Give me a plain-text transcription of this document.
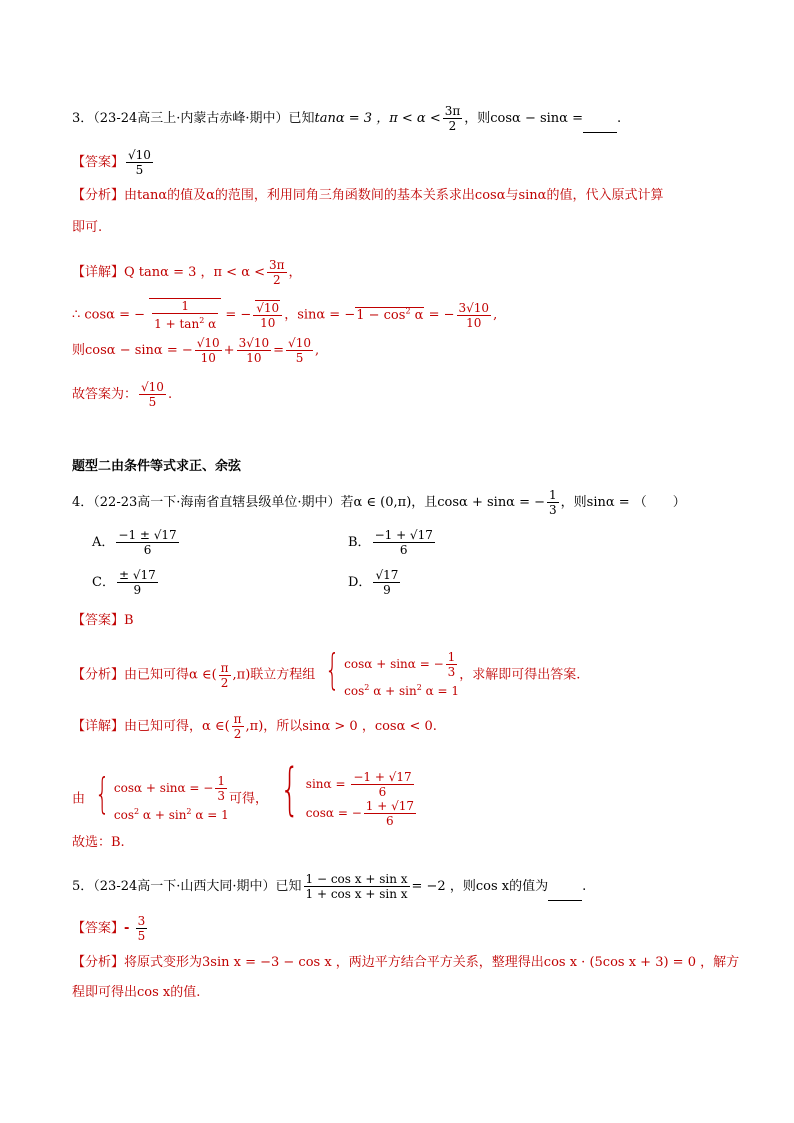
3．（23-24高三上·内蒙古赤峰·期中）已知tanα = 3 ，$\pi < \alpha < \frac{3\pi}{2}$ ，则cosα − sinα =	.
【答案】 $\frac{√10}{5}$
【分析】由tanα的值及α的范围，利用同角三角函数间的基本关系求出cosα与sinα的值，代入原式计算
即可.
【详解】Q tanα = 3 ，$\pi < \alpha < \frac{3\pi}{2}$ ，
∴ cosα = − $\frac{1}{1 + \tan^2 \alpha}$ = − $\frac{√10}{10}$ ，$\sin\alpha = -1 - \cos^2 \alpha$ = − $\frac{3√10}{10}$ ,
则cosα − sinα = − $\frac{√10}{10} + \frac{3√10}{10} = \frac{√10}{5}$ ,
故答案为： $\frac{√10}{5}$ .
题型二由条件等式求正、余弦
4．（22-23高一下·海南省直辖县级单位·期中）若α ∈ (0,π)，且cosα + sinα = − $\frac{1}{3}$ ，则sinα = （　　）
A． $\frac{-1 \pm √17}{6}$	B． $\frac{-1 + √17}{6}$
C． $\frac{\pm √17}{9}$	D． $\frac{√17}{9}$
【答案】B
【分析】由已知可得α ∈( $\frac{\pi}{2} ,\pi$)联立方程组 { cosα + sinα = − $\frac{1}{3}$
$\cos^2 \alpha + \sin^2 \alpha = 1$
，求解即可得出答案.
【详解】由已知可得，α ∈( $\frac{\pi}{2} ,\pi$)，所以sinα > 0 ，cosα < 0.
由 { cosα + sinα = − $\frac{1}{3}$
$\cos^2 \alpha + \sin^2 \alpha = 1$
可得， { $\sin\alpha = \frac{-1 + √17}{6}$
cosα = − $\frac{1 + √17}{6}$
故选：B.
5．（23-24高一下·山西大同·期中）已知 $\frac{\text{1 − cos x + sin x}}{\text{1 + cos x + sin x}} = -2$ ，则cos x的值为	.
【答案】- $\frac{3}{5}$
【分析】将原式变形为3sin x = −3 − cos x ，两边平方结合平方关系，整理得出cos x · (5cos x + 3) = 0 ，解方
程即可得出cos x的值.
